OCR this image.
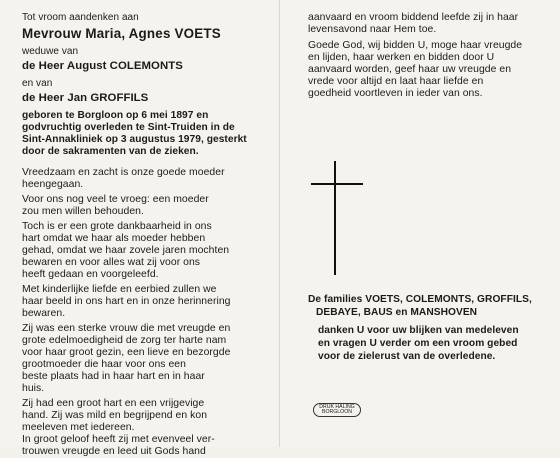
Tot vroom aandenken aan
Mevrouw Maria, Agnes VOETS
weduwe van
de Heer August COLEMONTS
en van
de Heer Jan GROFFILS
geboren te Borgloon op 6 mei 1897 en
godvruchtig overleden te Sint-Truiden in de
Sint-Annakliniek op 3 augustus 1979, gesterkt
door de sakramenten van de zieken.
Vreedzaam en zacht is onze goede moeder
heengegaan.
Voor ons nog veel te vroeg: een moeder
zou men willen behouden.
Toch is er een grote dankbaarheid in ons
hart omdat we haar als moeder hebben
gehad, omdat we haar zovele jaren mochten
bewaren en voor alles wat zij voor ons
heeft gedaan en voorgeleefd.
Met kinderlijke liefde en eerbied zullen we
haar beeld in ons hart en in onze herinnering
bewaren.
Zij was een sterke vrouw die met vreugde en
grote edelmoedigheid de zorg ter harte nam
voor haar groot gezin, een lieve en bezorgde
grootmoeder die haar voor ons een
beste plaats had in haar hart en in haar
huis.
Zij had een groot hart en een vrijgevige
hand. Zij was mild en begrijpend en kon
meeleven met iedereen.
In groot geloof heeft zij met evenveel ver-
trouwen vreugde en leed uit Gods hand
aanvaard en vroom biddend leefde zij in haar
levensavond naar Hem toe.
Goede God, wij bidden U, moge haar vreugde
en lijden, haar werken en bidden door U
aanvaard worden, geef haar uw vreugde en
vrede voor altijd en laat haar liefde en
goedheid voortleven in ieder van ons.
De families VOETS, COLEMONTS, GROFFILS,
DEBAYE, BAUS en MANSHOVEN
danken U voor uw blijken van medeleven
en vragen U verder om een vroom gebed
voor de zielerust van de overledene.
DRUK HALING
BORGLOON
